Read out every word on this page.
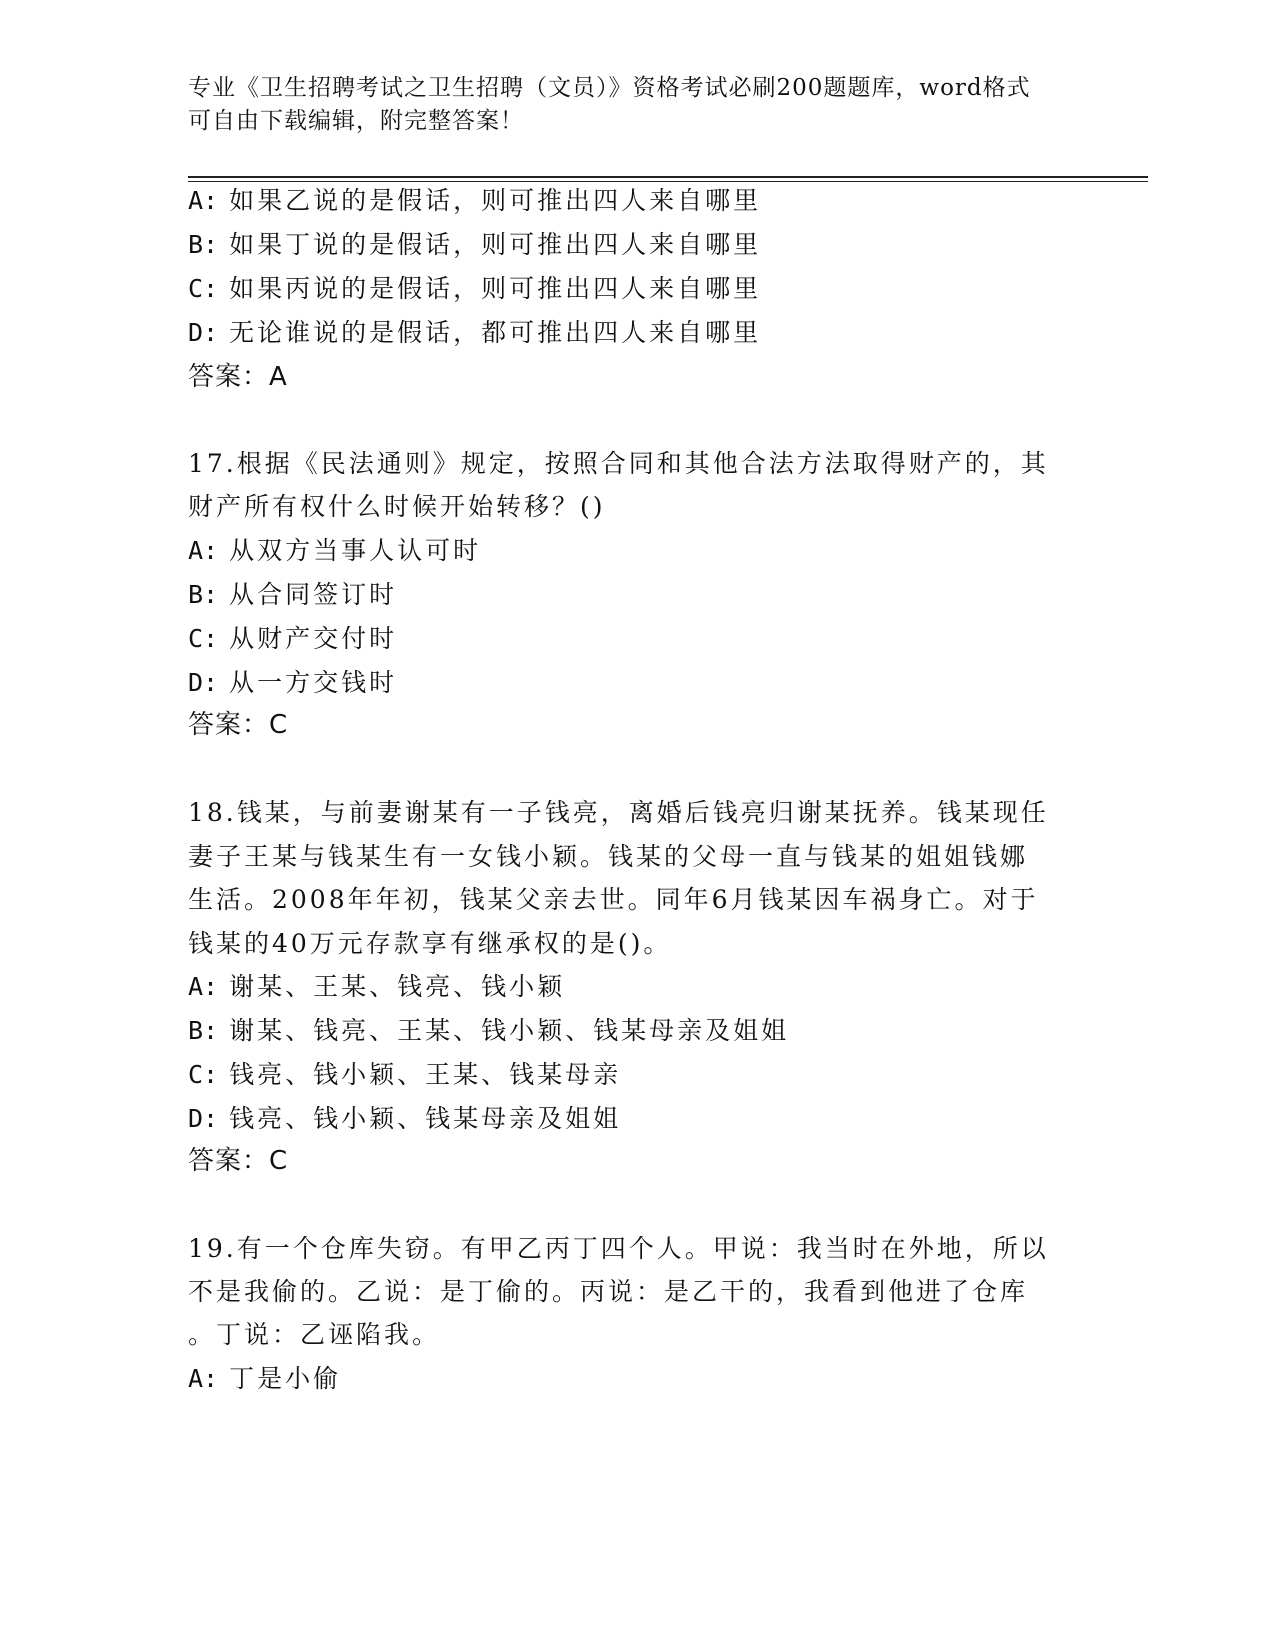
专业《卫生招聘考试之卫生招聘（文员）》资格考试必刷200题题库，word格式
可自由下载编辑，附完整答案！
A: 如果乙说的是假话，则可推出四人来自哪里
B: 如果丁说的是假话，则可推出四人来自哪里
C: 如果丙说的是假话，则可推出四人来自哪里
D: 无论谁说的是假话，都可推出四人来自哪里
答案：A
17.根据《民法通则》规定，按照合同和其他合法方法取得财产的，其
财产所有权什么时候开始转移？()
A: 从双方当事人认可时
B: 从合同签订时
C: 从财产交付时
D: 从一方交钱时
答案：C
18.钱某，与前妻谢某有一子钱亮，离婚后钱亮归谢某抚养。钱某现任
妻子王某与钱某生有一女钱小颖。钱某的父母一直与钱某的姐姐钱娜
生活。2008年年初，钱某父亲去世。同年6月钱某因车祸身亡。对于
钱某的40万元存款享有继承权的是()。
A: 谢某、王某、钱亮、钱小颖
B: 谢某、钱亮、王某、钱小颖、钱某母亲及姐姐
C: 钱亮、钱小颖、王某、钱某母亲
D: 钱亮、钱小颖、钱某母亲及姐姐
答案：C
19.有一个仓库失窃。有甲乙丙丁四个人。甲说：我当时在外地，所以
不是我偷的。乙说：是丁偷的。丙说：是乙干的，我看到他进了仓库
。丁说：乙诬陷我。
A: 丁是小偷
